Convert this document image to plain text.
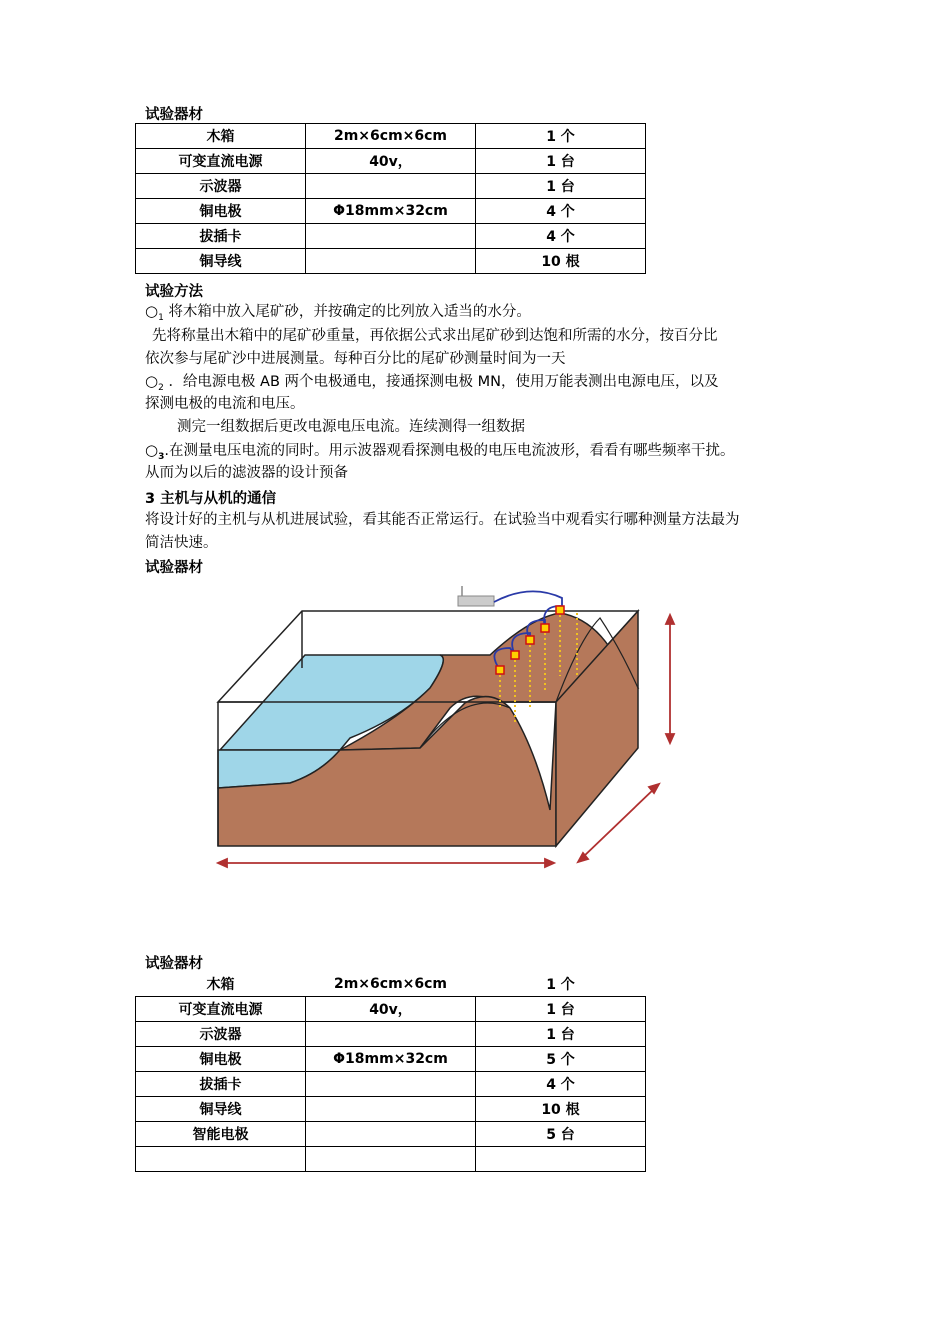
试验器材
木箱	2m×6cm×6cm	1 个
可变直流电源	40v，	1 台
示波器		1 台
铜电极	Φ18mm×32cm	4 个
拔插卡		4 个
铜导线		10 根
试验方法
$○_1$ 将木箱中放入尾矿砂，并按确定的比列放入适当的水分。
先将称量出木箱中的尾矿砂重量，再依据公式求出尾矿砂到达饱和所需的水分，按百分比
依次参与尾矿沙中进展测量。每种百分比的尾矿砂测量时间为一天
$○_2$ ．给电源电极 AB 两个电极通电，接通探测电极 MN，使用万能表测出电源电压，以及
探测电极的电流和电压。
测完一组数据后更改电源电压电流。连续测得一组数据
$○_3$.在测量电压电流的同时。用示波器观看探测电极的电压电流波形，看看有哪些频率干扰。
从而为以后的滤波器的设计预备
3 主机与从机的通信
将设计好的主机与从机进展试验，看其能否正常运行。在试验当中观看实行哪种测量方法最为
简洁快速。
试验器材
试验器材
木箱	2m×6cm×6cm	1 个
可变直流电源	40v，	1 台
示波器		1 台
铜电极	Φ18mm×32cm	5 个
拔插卡		4 个
铜导线		10 根
智能电极		5 台
